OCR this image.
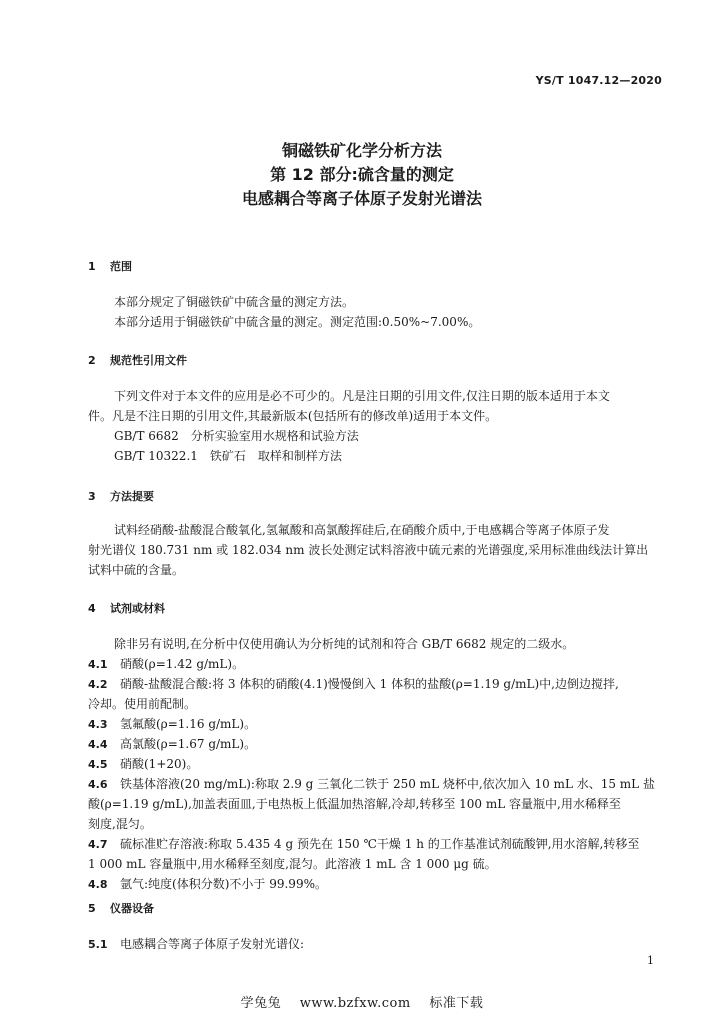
YS/T 1047.12—2020
铜磁铁矿化学分析方法
第 12 部分:硫含量的测定
电感耦合等离子体原子发射光谱法
1 范围
本部分规定了铜磁铁矿中硫含量的测定方法。
本部分适用于铜磁铁矿中硫含量的测定。测定范围:0.50%~7.00%。
2 规范性引用文件
下列文件对于本文件的应用是必不可少的。凡是注日期的引用文件,仅注日期的版本适用于本文
件。凡是不注日期的引用文件,其最新版本(包括所有的修改单)适用于本文件。
GB/T 6682　分析实验室用水规格和试验方法
GB/T 10322.1　铁矿石　取样和制样方法
3 方法提要
试料经硝酸-盐酸混合酸氧化,氢氟酸和高氯酸挥硅后,在硝酸介质中,于电感耦合等离子体原子发
射光谱仪 180.731 nm 或 182.034 nm 波长处测定试料溶液中硫元素的光谱强度,采用标准曲线法计算出
试料中硫的含量。
4 试剂或材料
除非另有说明,在分析中仅使用确认为分析纯的试剂和符合 GB/T 6682 规定的二级水。
4.1 硝酸(ρ=1.42 g/mL)。
4.2 硝酸-盐酸混合酸:将 3 体积的硝酸(4.1)慢慢倒入 1 体积的盐酸(ρ=1.19 g/mL)中,边倒边搅拌,
冷却。使用前配制。
4.3 氢氟酸(ρ=1.16 g/mL)。
4.4 高氯酸(ρ=1.67 g/mL)。
4.5 硝酸(1+20)。
4.6 铁基体溶液(20 mg/mL):称取 2.9 g 三氧化二铁于 250 mL 烧杯中,依次加入 10 mL 水、15 mL 盐
酸(ρ=1.19 g/mL),加盖表面皿,于电热板上低温加热溶解,冷却,转移至 100 mL 容量瓶中,用水稀释至
刻度,混匀。
4.7 硫标准贮存溶液:称取 5.435 4 g 预先在 150 ℃干燥 1 h 的工作基准试剂硫酸钾,用水溶解,转移至
1 000 mL 容量瓶中,用水稀释至刻度,混匀。此溶液 1 mL 含 1 000 μg 硫。
4.8 氩气:纯度(体积分数)不小于 99.99%。
5 仪器设备
5.1 电感耦合等离子体原子发射光谱仪:
1
学兔兔 www.bzfxw.com 标准下载
